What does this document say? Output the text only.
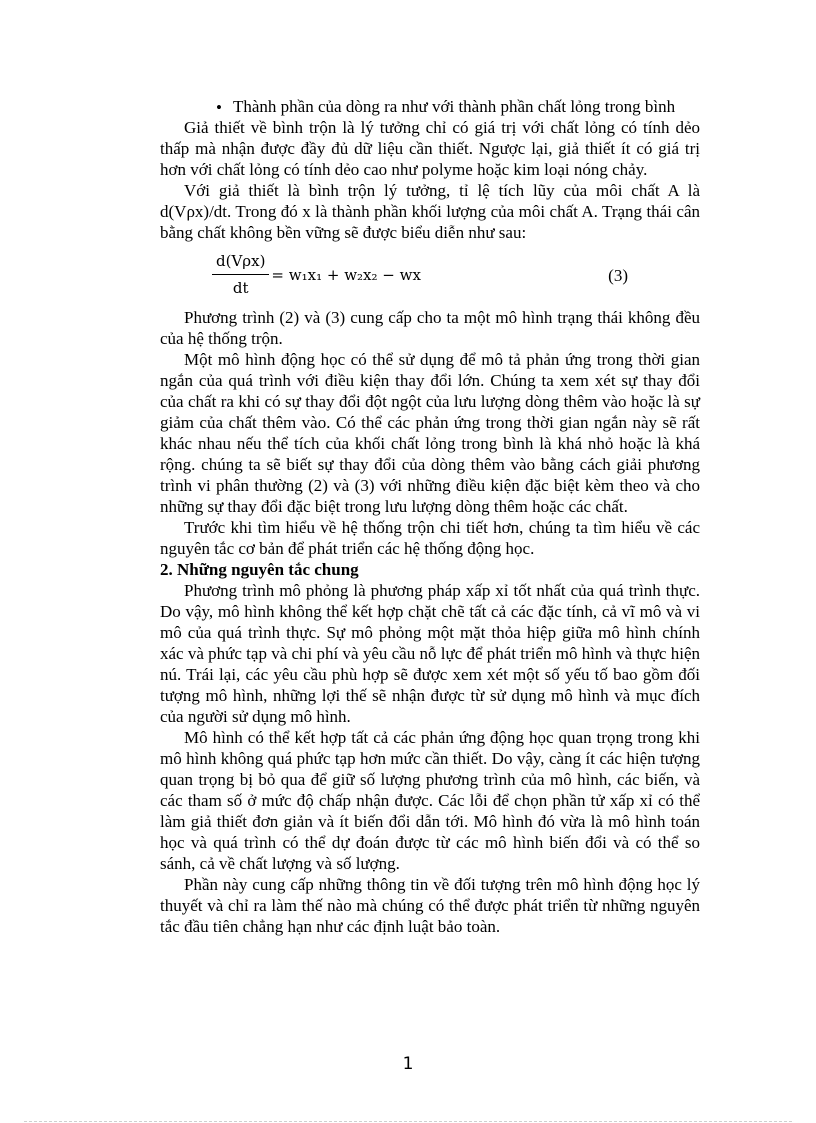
• Thành phần của dòng ra như với thành phần chất lỏng trong bình

Giả thiết về bình trộn là lý tưởng chỉ có giá trị với chất lỏng có tính dẻo thấp mà nhận được đầy đủ dữ liệu cần thiết. Ngược lại, giả thiết ít có giá trị hơn với chất lỏng có tính dẻo cao như polyme hoặc kim loại nóng chảy.

Với giả thiết là bình trộn lý tưởng, tỉ lệ tích lũy của môi chất A là d(Vρx)/dt. Trong đó x là thành phần khối lượng của môi chất A. Trạng thái cân bằng chất không bền vững sẽ được biểu diễn như sau:

$\frac{\text{d(Vρx)}}{dt} = w_1x_1 + w_2x_2$ − wx	(3)

Phương trình (2) và (3) cung cấp cho ta một mô hình trạng thái không đều của hệ thống trộn.

Một mô hình động học có thể sử dụng để mô tả phản ứng trong thời gian ngắn của quá trình với điều kiện thay đổi lớn. Chúng ta xem xét sự thay đổi của chất ra khi có sự thay đổi đột ngột của lưu lượng dòng thêm vào hoặc là sự giảm của chất thêm vào. Có thể các phản ứng trong thời gian ngắn này sẽ rất khác nhau nếu thể tích của khối chất lỏng trong bình là khá nhỏ hoặc là khá rộng. chúng ta sẽ biết sự thay đổi của dòng thêm vào bằng cách giải phương trình vi phân thường (2) và (3) với những điều kiện đặc biệt kèm theo và cho những sự thay đổi đặc biệt trong lưu lượng dòng thêm hoặc các chất.

Trước khi tìm hiểu về hệ thống trộn chi tiết hơn, chúng ta tìm hiểu về các nguyên tắc cơ bản để phát triển các hệ thống động học.

2. Những nguyên tắc chung

Phương trình mô phỏng là phương pháp xấp xỉ tốt nhất của quá trình thực. Do vậy, mô hình không thể kết hợp chặt chẽ tất cả các đặc tính, cả vĩ mô và vi mô của quá trình thực. Sự mô phỏng một mặt thỏa hiệp giữa mô hình chính xác và phức tạp và chi phí và yêu cầu nỗ lực để phát triển mô hình và thực hiện nú. Trái lại, các yêu cầu phù hợp sẽ được xem xét một số yếu tố bao gồm đối tượng mô hình, những lợi thế sẽ nhận được từ sử dụng mô hình và mục đích của người sử dụng mô hình.

Mô hình có thể kết hợp tất cả các phản ứng động học quan trọng trong khi mô hình không quá phức tạp hơn mức cần thiết. Do vậy, càng ít các hiện tượng quan trọng bị bỏ qua để giữ số lượng phương trình của mô hình, các biến, và các tham số ở mức độ chấp nhận được. Các lỗi để chọn phần tử xấp xỉ có thể làm giả thiết đơn giản và ít biến đổi dẫn tới. Mô hình đó vừa là mô hình toán học và quá trình có thể dự đoán được từ các mô hình biến đổi và có thể so sánh, cả về chất lượng và số lượng.

Phần này cung cấp những thông tin về đối tượng trên mô hình động học lý thuyết và chỉ ra làm thế nào mà chúng có thể được phát triển từ những nguyên tắc đầu tiên chẳng hạn như các định luật bảo toàn.

1
